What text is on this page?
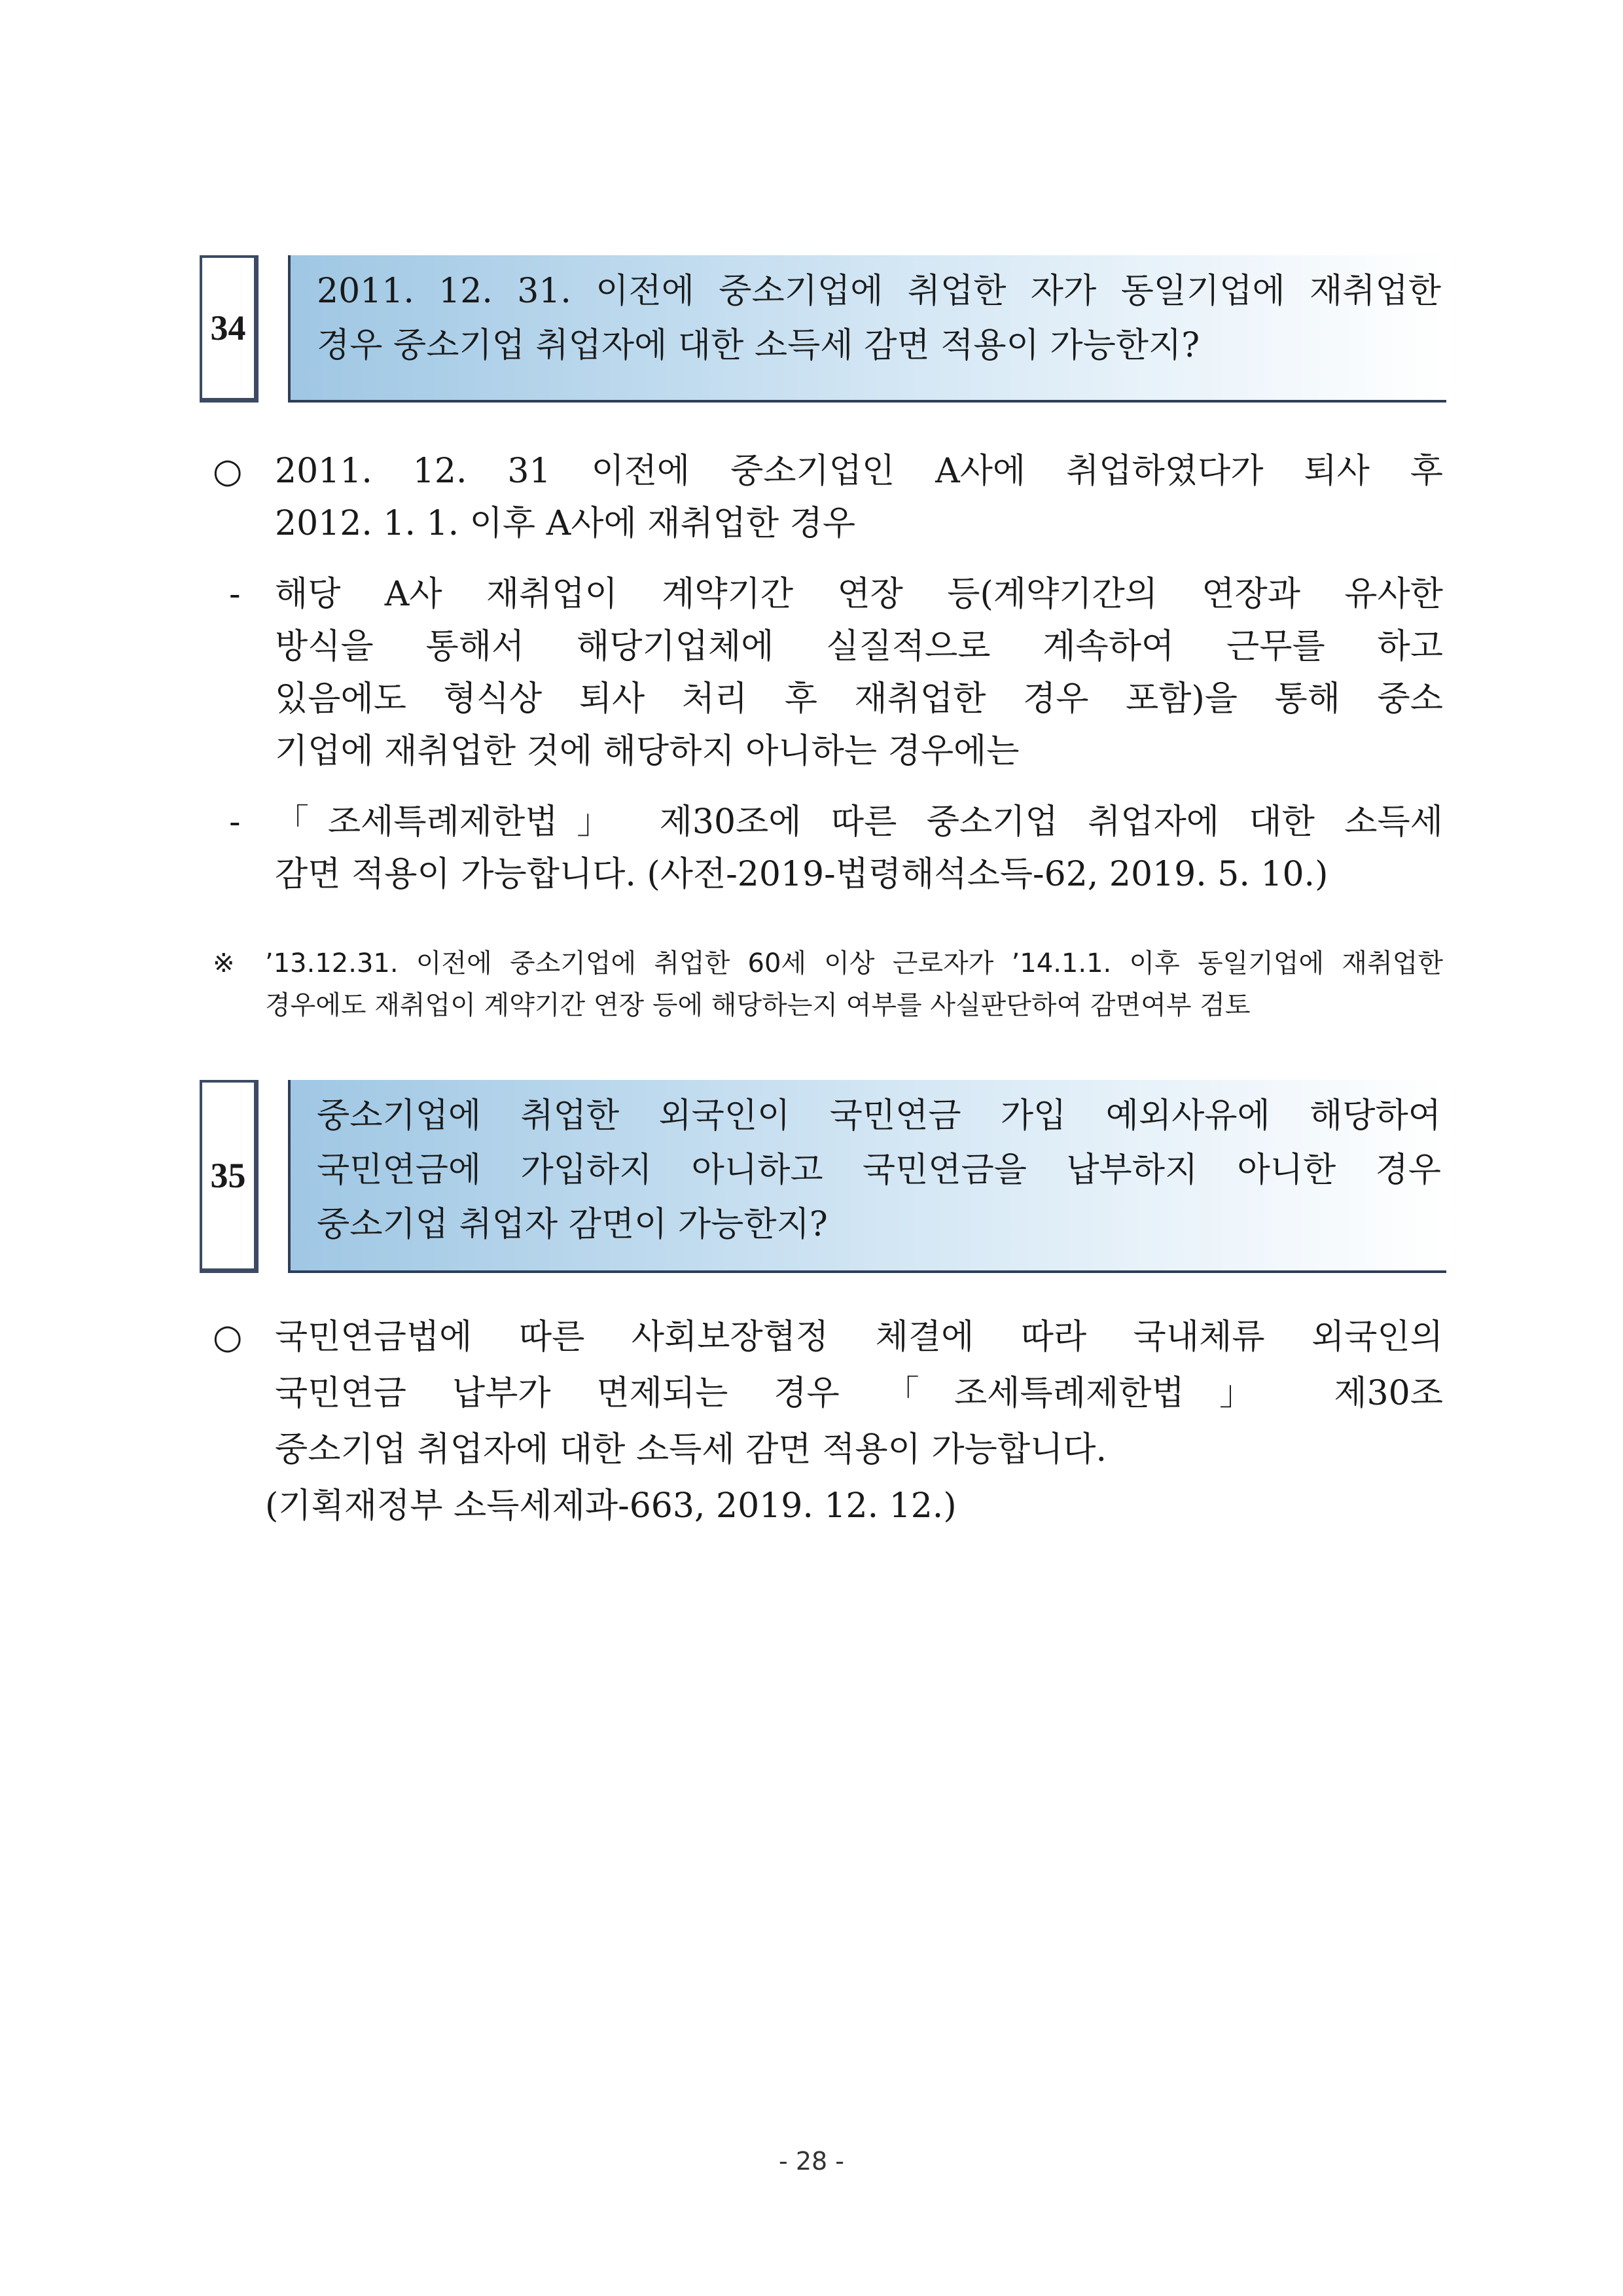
34
2011. 12. 31. 이전에 중소기업에 취업한 자가 동일기업에 재취업한
경우 중소기업 취업자에 대한 소득세 감면 적용이 가능한지?
○ 2011. 12. 31 이전에 중소기업인 A사에 취업하였다가 퇴사 후
2012. 1. 1. 이후 A사에 재취업한 경우
- 해당 A사 재취업이 계약기간 연장 등(계약기간의 연장과 유사한
방식을 통해서 해당기업체에 실질적으로 계속하여 근무를 하고
있음에도 형식상 퇴사 처리 후 재취업한 경우 포함)을 통해 중소
기업에 재취업한 것에 해당하지 아니하는 경우에는
- 「조세특례제한법」 제30조에 따른 중소기업 취업자에 대한 소득세
감면 적용이 가능합니다. (사전-2019-법령해석소득-62, 2019. 5. 10.)
※ ’13.12.31. 이전에 중소기업에 취업한 60세 이상 근로자가 ’14.1.1. 이후 동일기업에 재취업한
경우에도 재취업이 계약기간 연장 등에 해당하는지 여부를 사실판단하여 감면여부 검토
35
중소기업에 취업한 외국인이 국민연금 가입 예외사유에 해당하여
국민연금에 가입하지 아니하고 국민연금을 납부하지 아니한 경우
중소기업 취업자 감면이 가능한지?
○ 국민연금법에 따른 사회보장협정 체결에 따라 국내체류 외국인의
국민연금 납부가 면제되는 경우 「조세특례제한법」 제30조
중소기업 취업자에 대한 소득세 감면 적용이 가능합니다.
(기획재정부 소득세제과-663, 2019. 12. 12.)
- 28 -
